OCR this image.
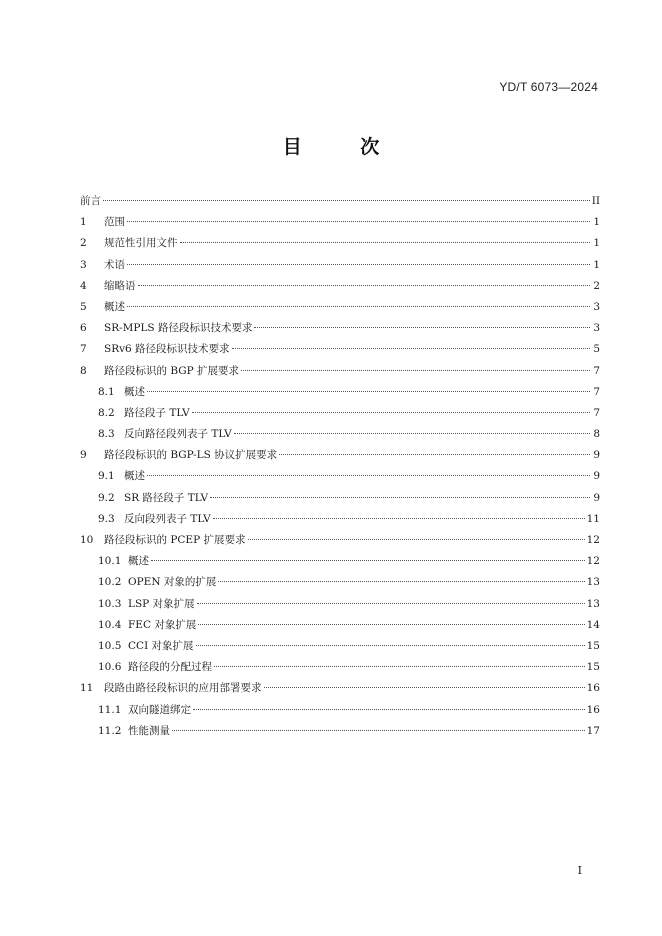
YD/T 6073—2024
目 次
前言	II
1	范围	1
2	规范性引用文件	1
3	术语	1
4	缩略语	2
5	概述	3
6	SR-MPLS 路径段标识技术要求	3
7	SRv6 路径段标识技术要求	5
8	路径段标识的 BGP 扩展要求	7
8.1 概述	7
8.2 路径段子 TLV	7
8.3 反向路径段列表子 TLV	8
9	路径段标识的 BGP-LS 协议扩展要求	9
9.1 概述	9
9.2 SR 路径段子 TLV	9
9.3 反向段列表子 TLV	11
10	路径段标识的 PCEP 扩展要求	12
10.1 概述	12
10.2 OPEN 对象的扩展	13
10.3 LSP 对象扩展	13
10.4 FEC 对象扩展	14
10.5 CCI 对象扩展	15
10.6 路径段的分配过程	15
11	段路由路径段标识的应用部署要求	16
11.1 双向隧道绑定	16
11.2 性能测量	17
I
